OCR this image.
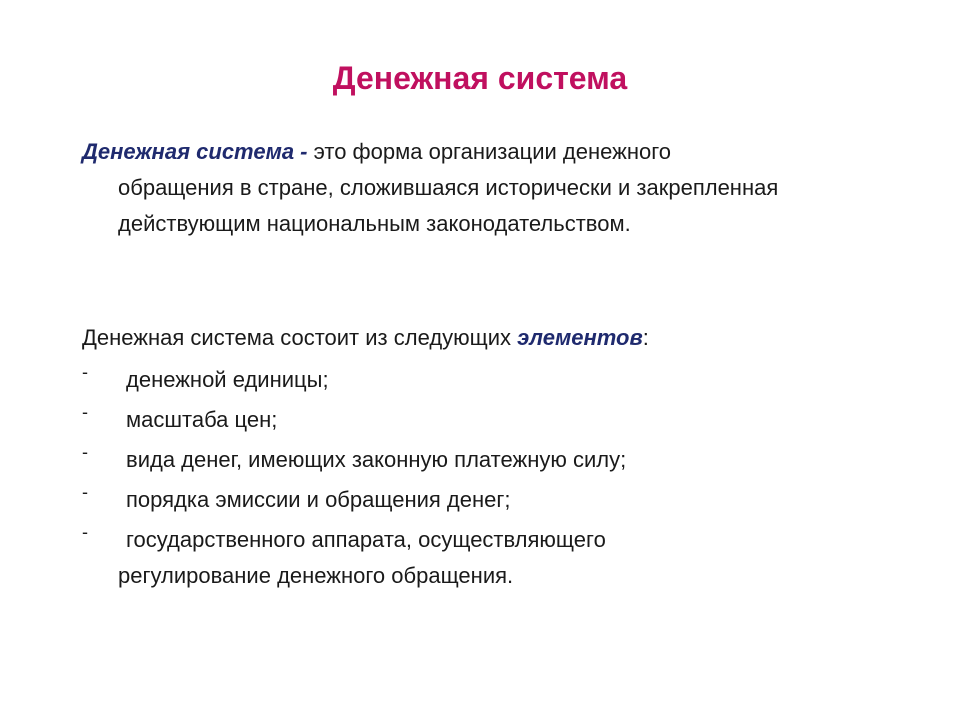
Денежная система
Денежная система - это форма организации денежного
обращения в стране, сложившаяся исторически и закрепленная действующим национальным законодательством.
Денежная система состоит из следующих элементов:
-	денежной единицы;
-	масштаба цен;
-	вида денег, имеющих законную платежную силу;
-	порядка эмиссии и обращения денег;
-	государственного аппарата, осуществляющего
регулирование денежного обращения.
